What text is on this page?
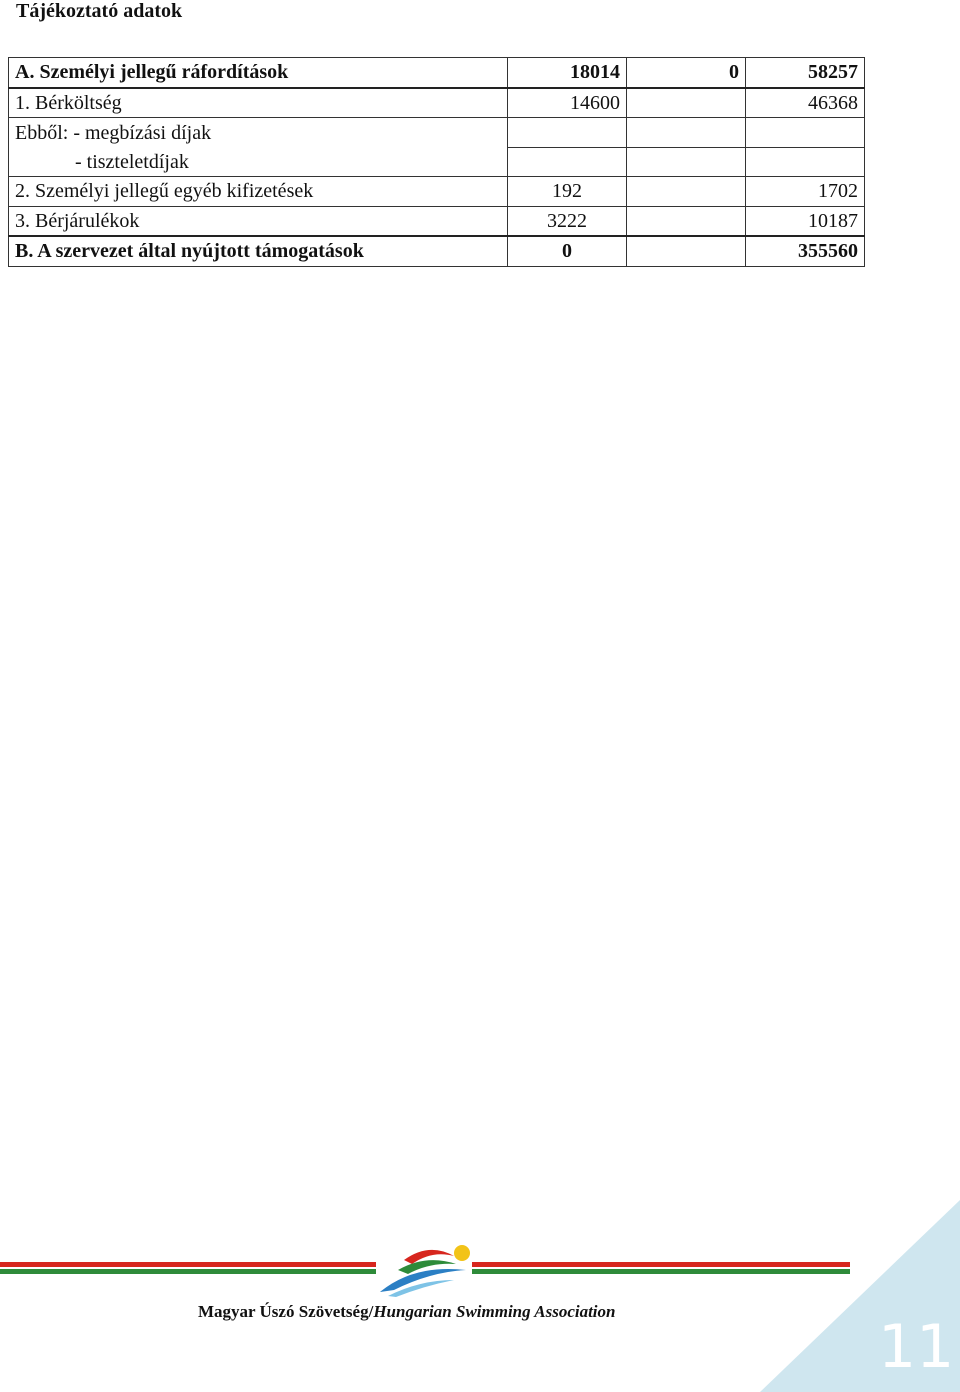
Tájékoztató adatok
A. Személyi jellegű ráfordítások	18014	0	58257
1. Bérköltség	14600		46368
Ebből: - megbízási díjak			
- tiszteletdíjak			
2. Személyi jellegű egyéb kifizetések	192		1702
3. Bérjárulékok	3222		10187
B. A szervezet által nyújtott támogatások	0		355560
Magyar Úszó Szövetség/Hungarian Swimming Association
11
